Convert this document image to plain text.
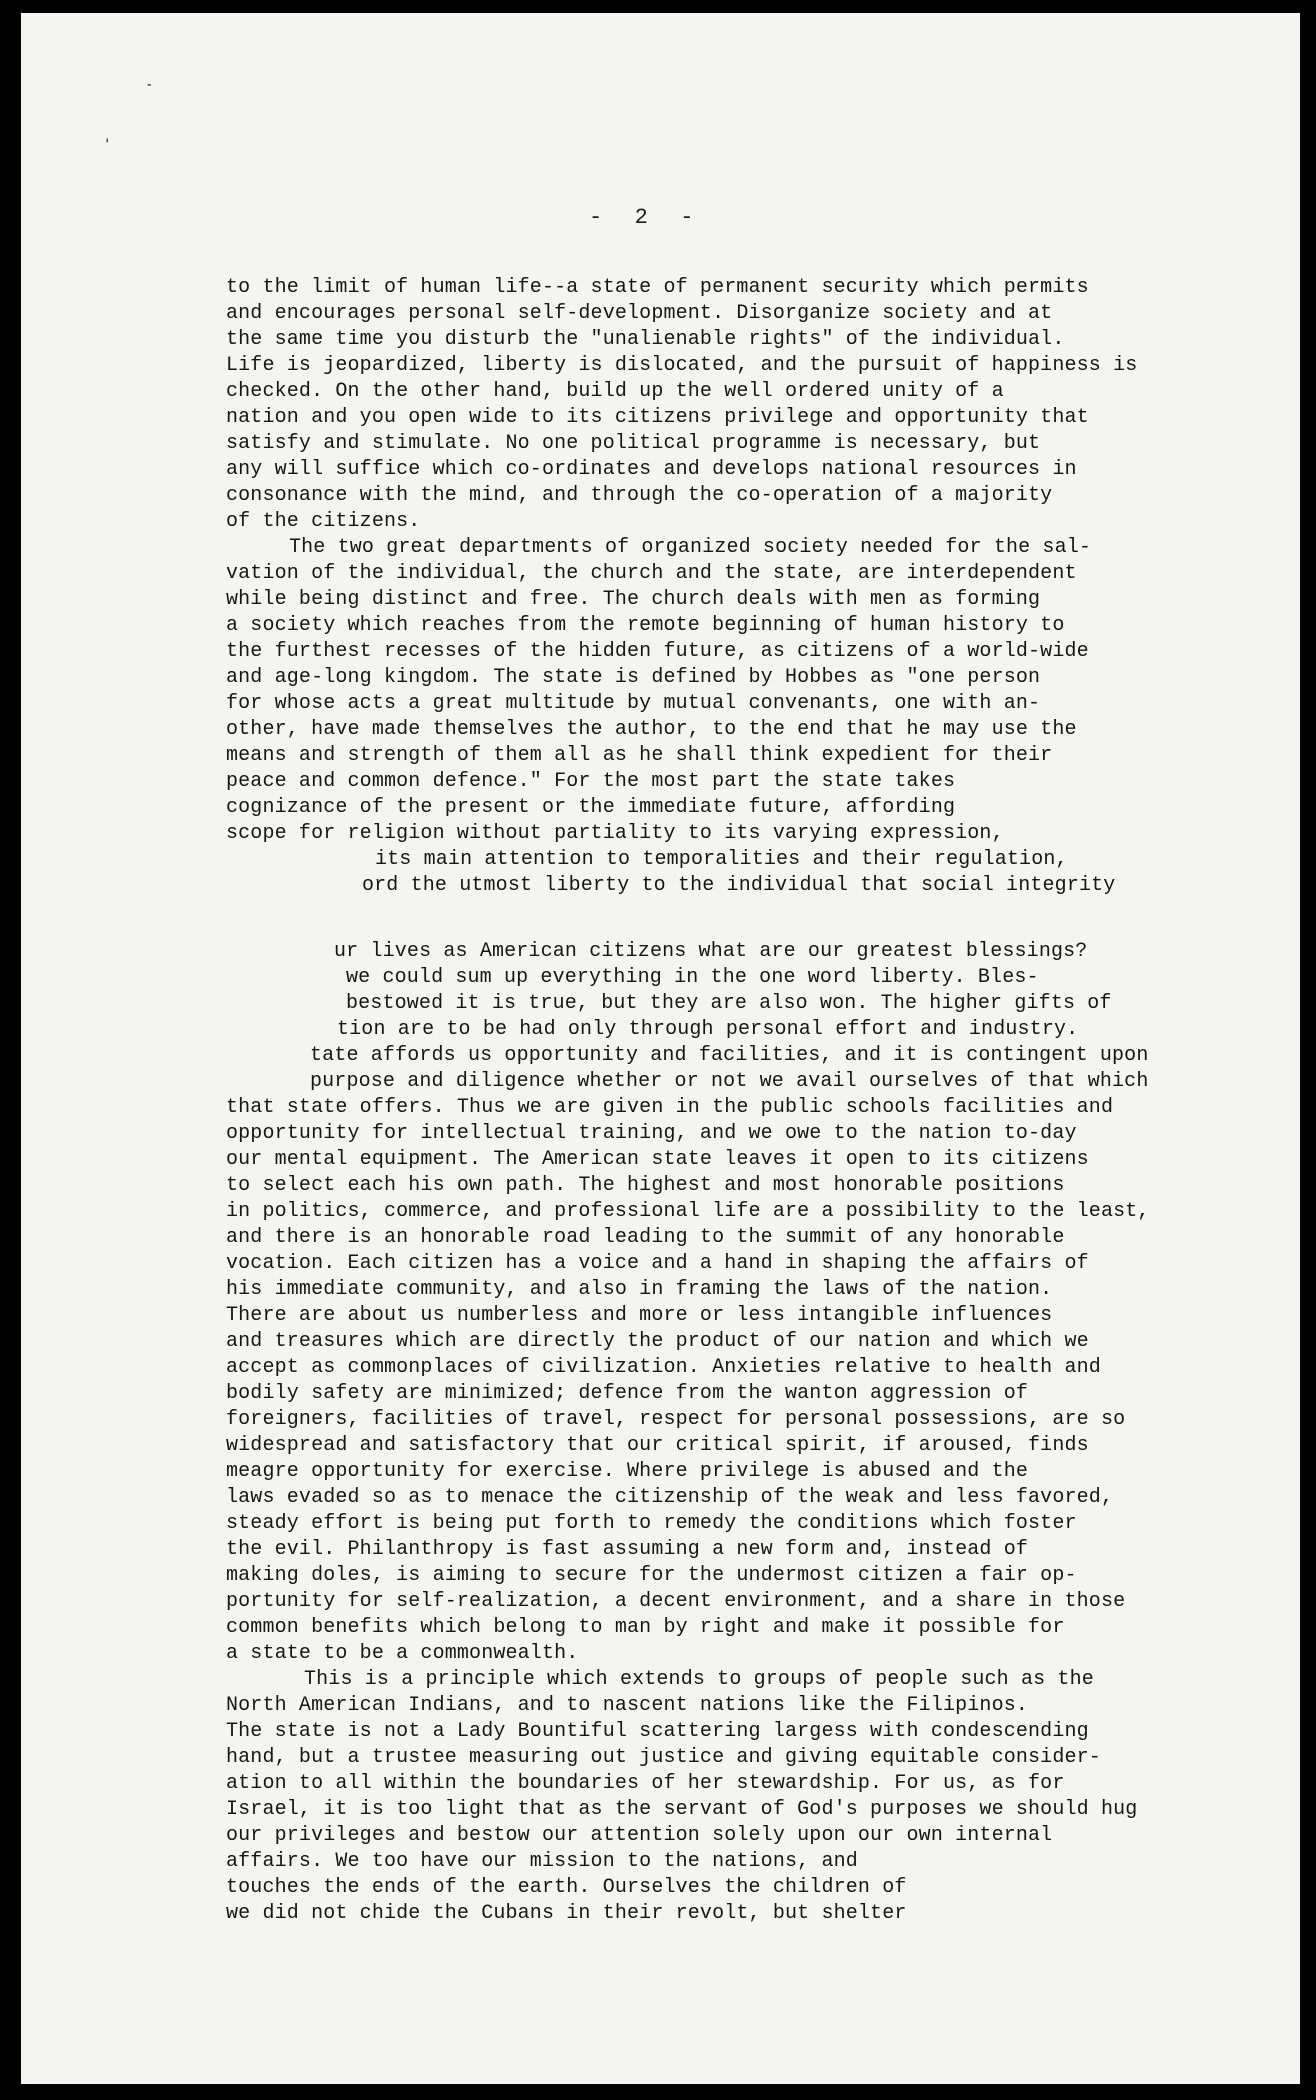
-
'
-  2  -
to the limit of human life--a state of permanent security which permits
and encourages personal self-development. Disorganize society and at
the same time you disturb the "unalienable rights" of the individual.
Life is jeopardized, liberty is dislocated, and the pursuit of happiness is
checked. On the other hand, build up the well ordered unity of a
nation and you open wide to its citizens privilege and opportunity that
satisfy and stimulate. No one political programme is necessary, but
any will suffice which co-ordinates and develops national resources in
consonance with the mind, and through the co-operation of a majority
of the citizens.
The two great departments of organized society needed for the sal-
vation of the individual, the church and the state, are interdependent
while being distinct and free. The church deals with men as forming
a society which reaches from the remote beginning of human history to
the furthest recesses of the hidden future, as citizens of a world-wide
and age-long kingdom. The state is defined by Hobbes as "one person
for whose acts a great multitude by mutual convenants, one with an-
other, have made themselves the author, to the end that he may use the
means and strength of them all as he shall think expedient for their
peace and common defence." For the most part the state takes
cognizance of the present or the immediate future, affording
scope for religion without partiality to its varying expression,
its main attention to temporalities and their regulation,
ord the utmost liberty to the individual that social integrity
ur lives as American citizens what are our greatest blessings?
we could sum up everything in the one word liberty. Bles-
bestowed it is true, but they are also won. The higher gifts of
tion are to be had only through personal effort and industry.
tate affords us opportunity and facilities, and it is contingent upon
purpose and diligence whether or not we avail ourselves of that which
that state offers. Thus we are given in the public schools facilities and
opportunity for intellectual training, and we owe to the nation to-day
our mental equipment. The American state leaves it open to its citizens
to select each his own path. The highest and most honorable positions
in politics, commerce, and professional life are a possibility to the least,
and there is an honorable road leading to the summit of any honorable
vocation. Each citizen has a voice and a hand in shaping the affairs of
his immediate community, and also in framing the laws of the nation.
There are about us numberless and more or less intangible influences
and treasures which are directly the product of our nation and which we
accept as commonplaces of civilization. Anxieties relative to health and
bodily safety are minimized; defence from the wanton aggression of
foreigners, facilities of travel, respect for personal possessions, are so
widespread and satisfactory that our critical spirit, if aroused, finds
meagre opportunity for exercise. Where privilege is abused and the
laws evaded so as to menace the citizenship of the weak and less favored,
steady effort is being put forth to remedy the conditions which foster
the evil. Philanthropy is fast assuming a new form and, instead of
making doles, is aiming to secure for the undermost citizen a fair op-
portunity for self-realization, a decent environment, and a share in those
common benefits which belong to man by right and make it possible for
a state to be a commonwealth.
This is a principle which extends to groups of people such as the
North American Indians, and to nascent nations like the Filipinos.
The state is not a Lady Bountiful scattering largess with condescending
hand, but a trustee measuring out justice and giving equitable consider-
ation to all within the boundaries of her stewardship. For us, as for
Israel, it is too light that as the servant of God's purposes we should hug
our privileges and bestow our attention solely upon our own internal
affairs. We too have our mission to the nations, and
touches the ends of the earth. Ourselves the children of
we did not chide the Cubans in their revolt, but shelter
